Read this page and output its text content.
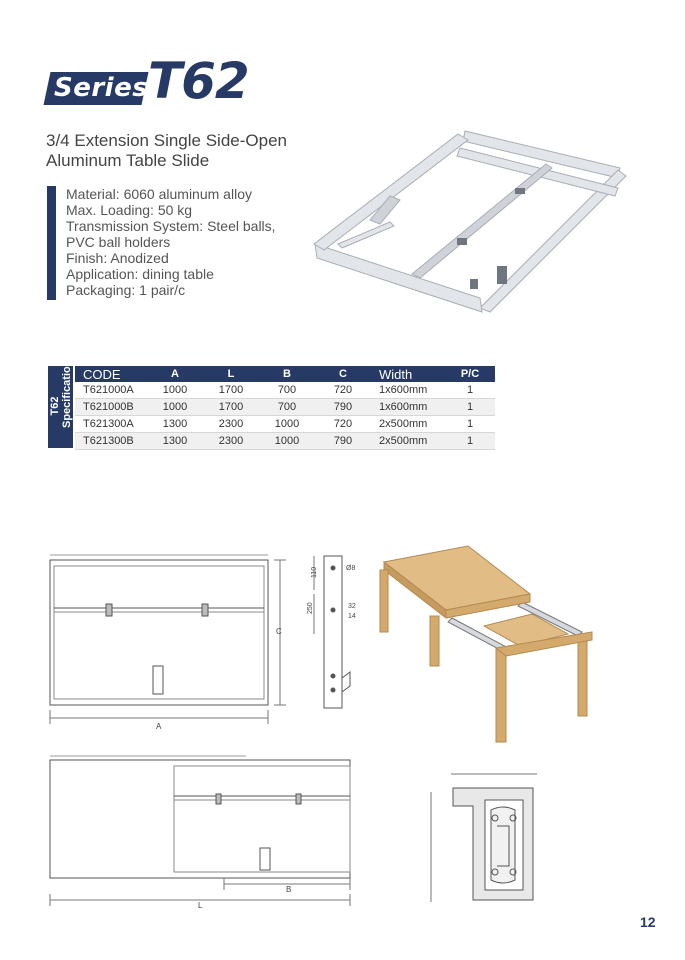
Series T62
3/4 Extension Single Side-Open
Aluminum Table Slide
Material: 6060 aluminum alloy
Max. Loading: 50 kg
Transmission System: Steel balls,
PVC ball holders
Finish: Anodized
Application: dining table
Packaging: 1 pair/c
T62 Specification CODE	A	L	B	C	Width	P/C
T621000A	1000	1700	700	720	1x600mm	1
T621000B	1000	1700	700	790	1x600mm	1
T621300A	1300	2300	1000	720	2x500mm	1
T621300B	1300	2300	1000	790	2x500mm	1
A
C
110
250
Ø8
32
14
B
L
12
